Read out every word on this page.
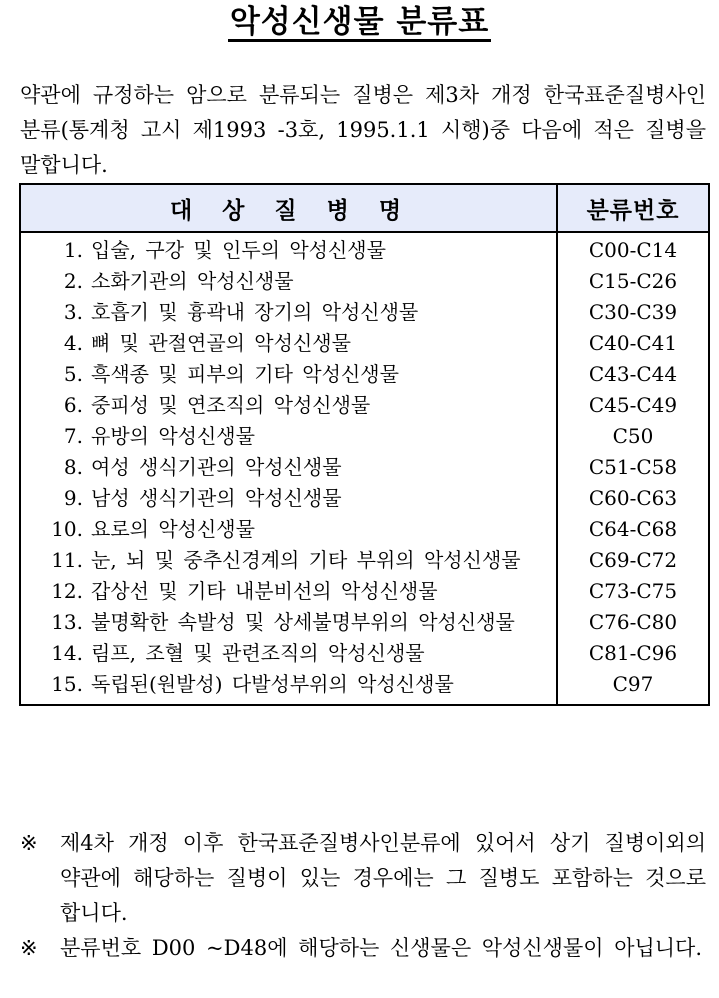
악성신생물 분류표
약관에 규정하는 암으로 분류되는 질병은 제3차 개정 한국표준질병사인분류(통계청 고시 제1993 -3호, 1995.1.1 시행)중 다음에 적은 질병을 말합니다.
대 상 질 병 명	분류번호

1. 입술, 구강 및 인두의 악성신생물	C00-C14

2. 소화기관의 악성신생물	C15-C26

3. 호흡기 및 흉곽내 장기의 악성신생물	C30-C39

4. 뼈 및 관절연골의 악성신생물	C40-C41

5. 흑색종 및 피부의 기타 악성신생물	C43-C44

6. 중피성 및 연조직의 악성신생물	C45-C49

7. 유방의 악성신생물	C50

8. 여성 생식기관의 악성신생물	C51-C58

9. 남성 생식기관의 악성신생물	C60-C63

10. 요로의 악성신생물	C64-C68

11. 눈, 뇌 및 중추신경계의 기타 부위의 악성신생물	C69-C72

12. 갑상선 및 기타 내분비선의 악성신생물	C73-C75

13. 불명확한 속발성 및 상세불명부위의 악성신생물	C76-C80

14. 림프, 조혈 및 관련조직의 악성신생물	C81-C96

15. 독립된(원발성) 다발성부위의 악성신생물	C97
※	제4차 개정 이후 한국표준질병사인분류에 있어서 상기 질병이외의 약관에 해당하는 질병이 있는 경우에는 그 질병도 포함하는 것으로 합니다.
※	분류번호 D00 ~D48에 해당하는 신생물은 악성신생물이 아닙니다.
